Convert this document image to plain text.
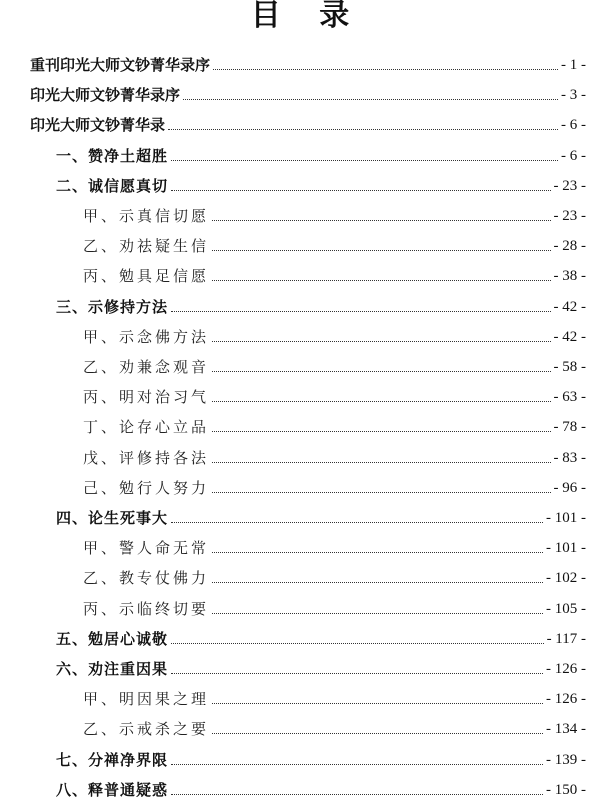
目 录
重刊印光大师文钞菁华录序	- 1 -
印光大师文钞菁华录序	- 3 -
印光大师文钞菁华录	- 6 -
一、赞净土超胜	- 6 -
二、诚信愿真切	- 23 -
甲、示真信切愿	- 23 -
乙、劝祛疑生信	- 28 -
丙、勉具足信愿	- 38 -
三、示修持方法	- 42 -
甲、示念佛方法	- 42 -
乙、劝兼念观音	- 58 -
丙、明对治习气	- 63 -
丁、论存心立品	- 78 -
戊、评修持各法	- 83 -
己、勉行人努力	- 96 -
四、论生死事大	- 101 -
甲、警人命无常	- 101 -
乙、教专仗佛力	- 102 -
丙、示临终切要	- 105 -
五、勉居心诚敬	- 117 -
六、劝注重因果	- 126 -
甲、明因果之理	- 126 -
乙、示戒杀之要	- 134 -
七、分禅净界限	- 139 -
八、释普通疑惑	- 150 -
